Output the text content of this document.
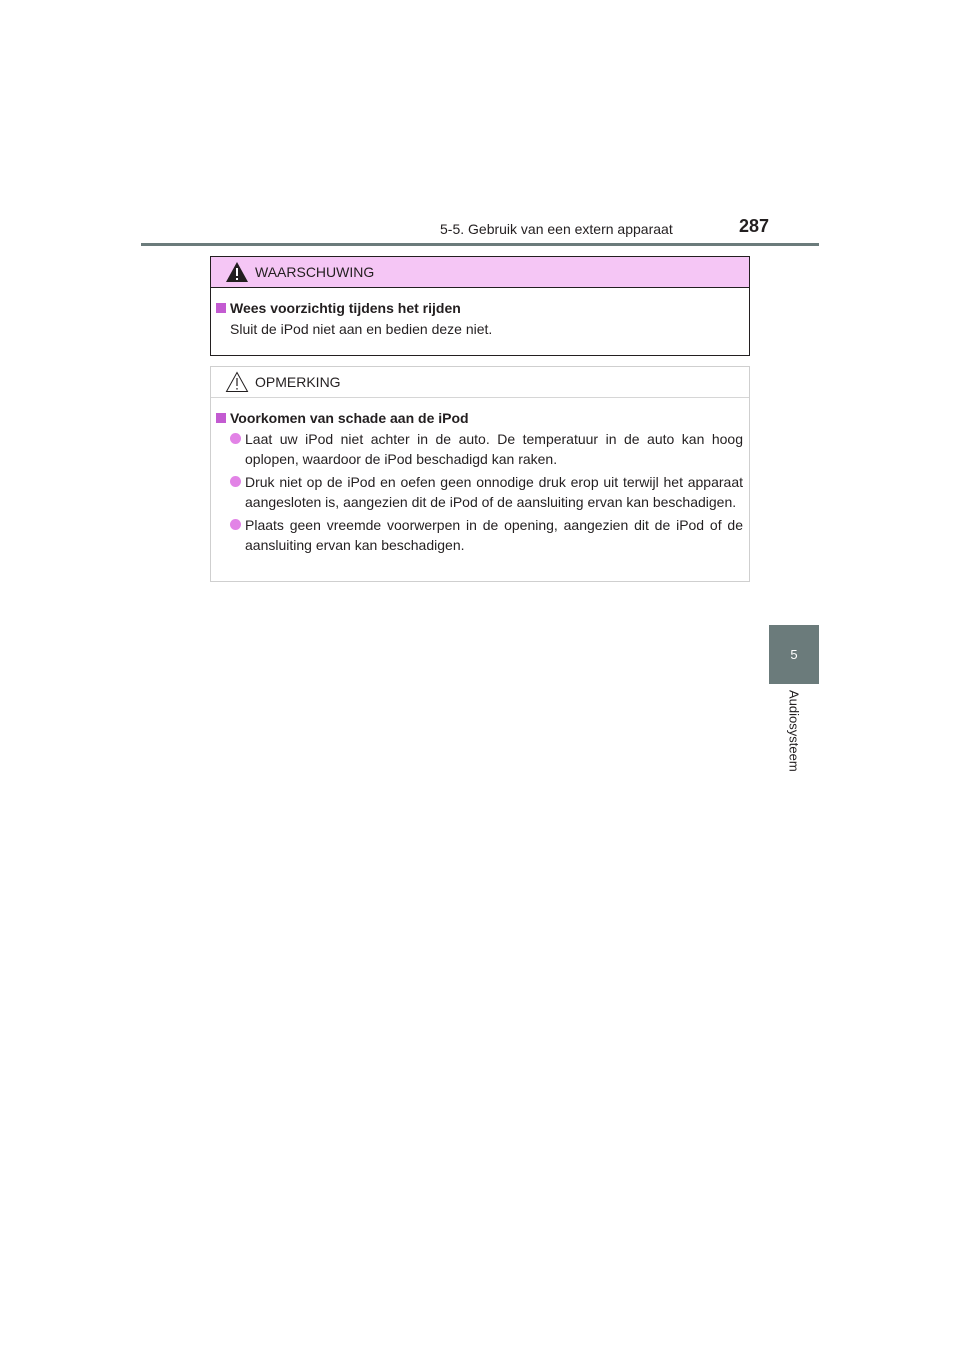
5-5. Gebruik van een extern apparaat	287
5
Audiosysteem
WAARSCHUWING
Wees voorzichtig tijdens het rijden
Sluit de iPod niet aan en bedien deze niet.
OPMERKING
Voorkomen van schade aan de iPod
Laat uw iPod niet achter in de auto. De temperatuur in de auto kan hoog oplopen, waardoor de iPod beschadigd kan raken.
Druk niet op de iPod en oefen geen onnodige druk erop uit terwijl het apparaat aangesloten is, aangezien dit de iPod of de aansluiting ervan kan beschadigen.
Plaats geen vreemde voorwerpen in de opening, aangezien dit de iPod of de aansluiting ervan kan beschadigen.
